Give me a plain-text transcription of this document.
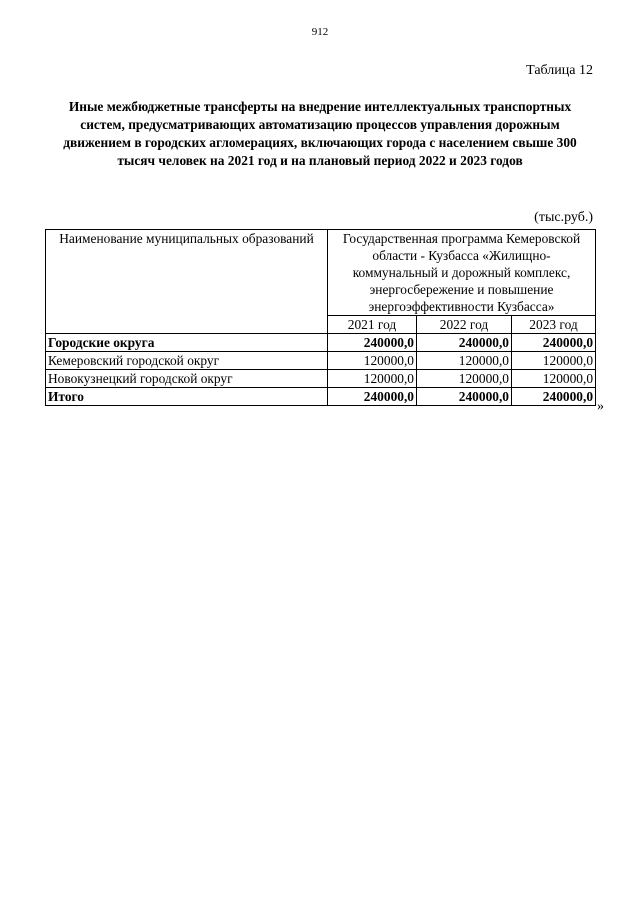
912
Таблица 12
Иные межбюджетные трансферты на внедрение интеллектуальных транспортных
систем, предусматривающих автоматизацию процессов управления дорожным
движением в городских агломерациях, включающих города с населением свыше 300
тысяч человек на 2021 год и на плановый период 2022 и 2023 годов
(тыс.руб.)
Наименование муниципальных образований	Государственная программа Кемеровской
области - Кузбасса «Жилищно-
коммунальный и дорожный комплекс,
энергосбережение и повышение
энергоэффективности Кузбасса»		

	2021 год	2022 год	2023 год
Городские округа	240000,0	240000,0	240000,0
Кемеровский городской округ	120000,0	120000,0	120000,0
Новокузнецкий городской округ	120000,0	120000,0	120000,0
Итого	240000,0	240000,0	240000,0
»
